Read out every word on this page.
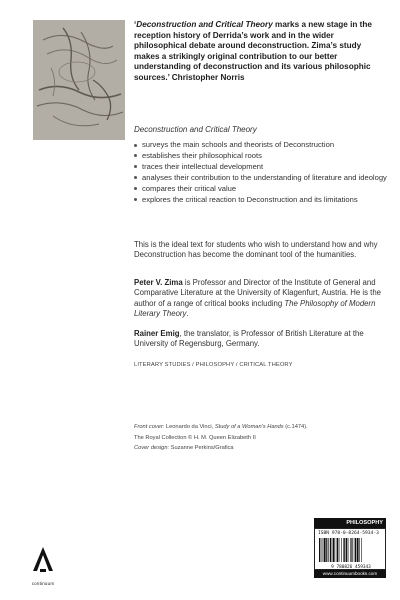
‘Deconstruction and Critical Theory marks a new stage in the reception history of Derrida’s work and in the wider philosophical debate around deconstruction. Zima’s study makes a strikingly original contribution to our better understanding of deconstruction and its various philosophic sources.’ Christopher Norris
Deconstruction and Critical Theory
surveys the main schools and theorists of Deconstruction
establishes their philosophical roots
traces their intellectual development
analyses their contribution to the understanding of literature and ideology
compares their critical value
explores the critical reaction to Deconstruction and its limitations

This is the ideal text for students who wish to understand how and why Deconstruction has become the dominant tool of the humanities.

Peter V. Zima is Professor and Director of the Institute of General and Comparative Literature at the University of Klagenfurt, Austria. He is the author of a range of critical books including The Philosophy of Modern Literary Theory.

Rainer Emig, the translator, is Professor of British Literature at the University of Regensburg, Germany.

LITERARY STUDIES / PHILOSOPHY / CRITICAL THEORY
Front cover: Leonardo da Vinci, Study of a Woman’s Hands (c.1474).
The Royal Collection © H. M. Queen Elizabeth II
Cover design: Suzanne Perkins/Grafica
continuum
PHILOSOPHY
ISBN 978-0-8264-5934-3
9 780826 459343
www.continuumbooks.com
